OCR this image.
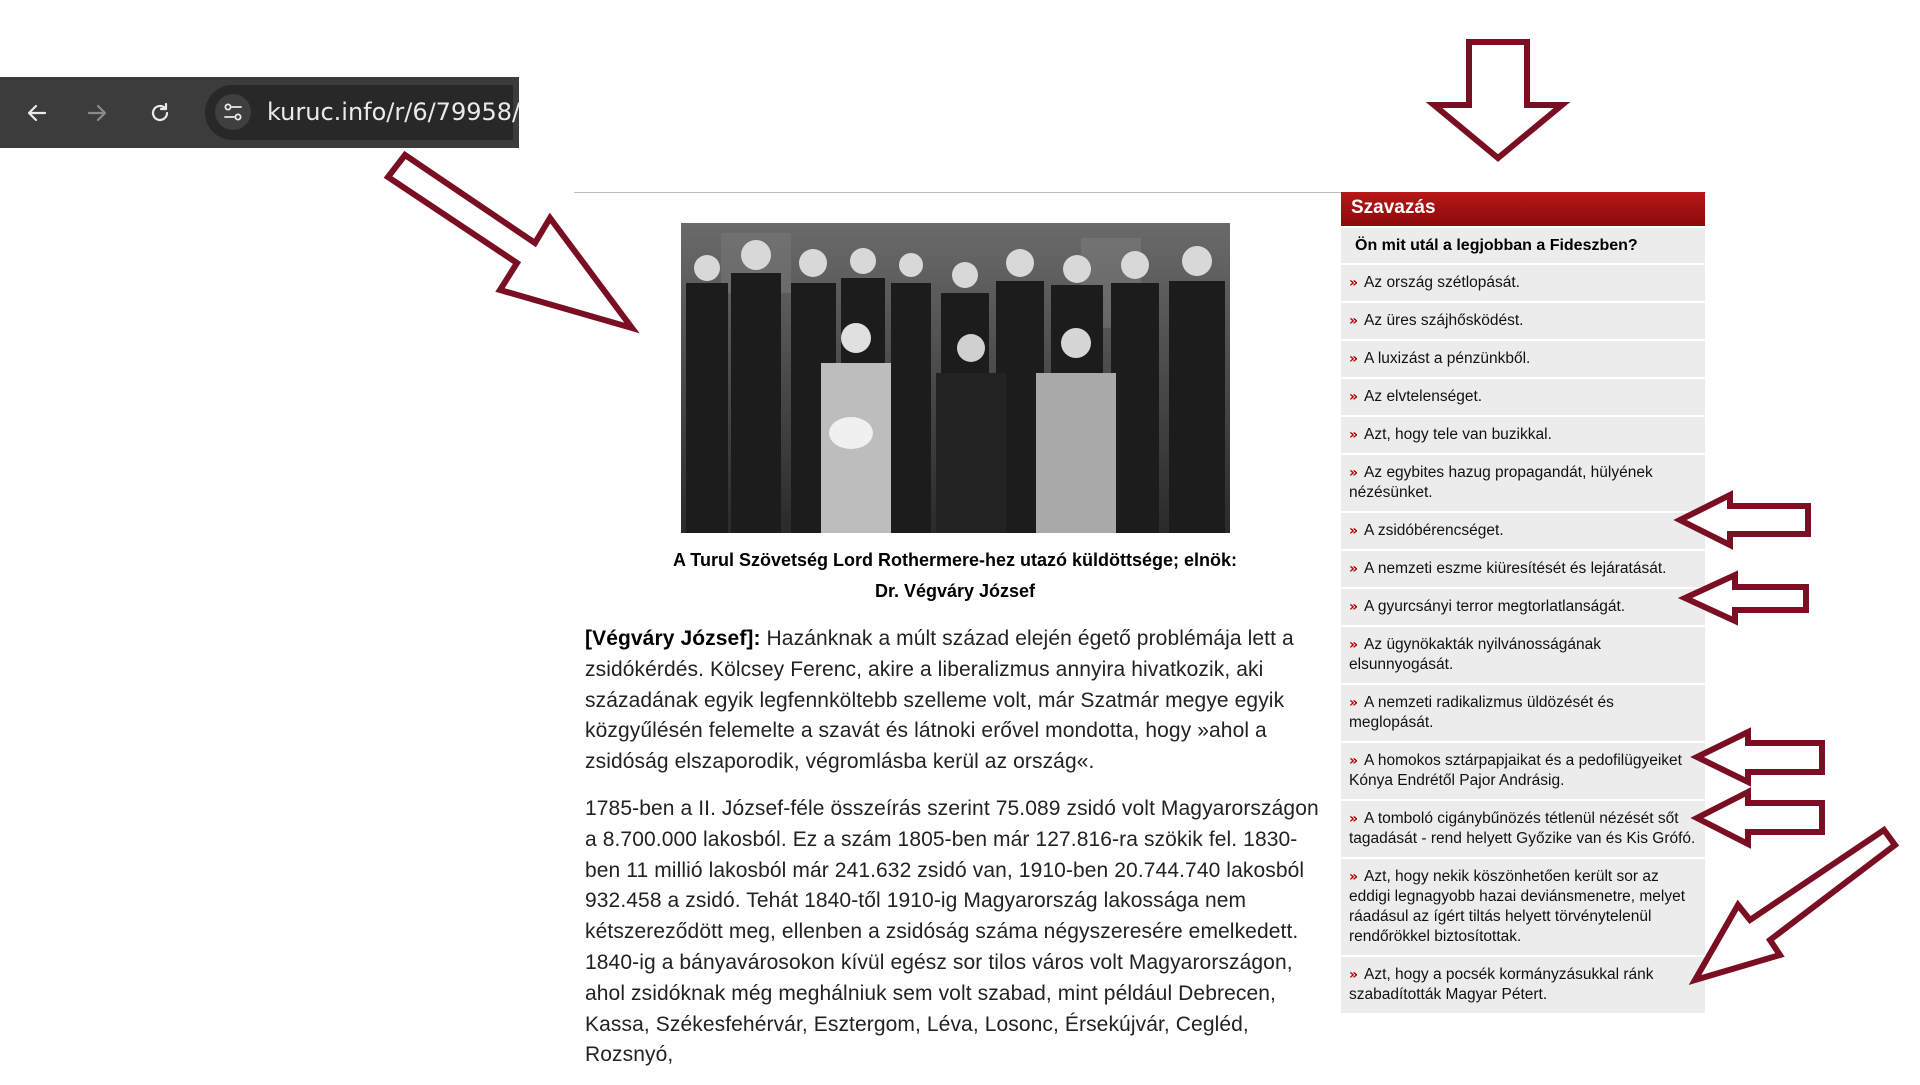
kuruc.info/r/6/79958/
A Turul Szövetség Lord Rothermere-hez utazó küldöttsége; elnök: Dr. Végváry József

[Végváry József]: Hazánknak a múlt század elején égető problémája lett a zsidókérdés. Kölcsey Ferenc, akire a liberalizmus annyira hivatkozik, aki századának egyik legfennköltebb szelleme volt, már Szatmár megye egyik közgyűlésén felemelte a szavát és látnoki erővel mondotta, hogy »ahol a zsidóság elszaporodik, végromlásba kerül az ország«.

1785-ben a II. József-féle összeírás szerint 75.089 zsidó volt Magyarországon a 8.700.000 lakosból. Ez a szám 1805-ben már 127.816-ra szökik fel. 1830-ben 11 millió lakosból már 241.632 zsidó van, 1910-ben 20.744.740 lakosból 932.458 a zsidó. Tehát 1840-től 1910-ig Magyarország lakossága nem kétszereződött meg, ellenben a zsidóság száma négyszeresére emelkedett. 1840-ig a bányavárosokon kívül egész sor tilos város volt Magyarországon, ahol zsidóknak még meghálniuk sem volt szabad, mint például Debrecen, Kassa, Székesfehérvár, Esztergom, Léva, Losonc, Érsekújvár, Cegléd, Rozsnyó,

Szavazás
Ön mit utál a legjobban a Fideszben?
» Az ország szétlopását.
» Az üres szájhősködést.
» A luxizást a pénzünkből.
» Az elvtelenséget.
» Azt, hogy tele van buzikkal.
» Az egybites hazug propagandát, hülyének nézésünket.
» A zsidóbérencséget.
» A nemzeti eszme kiüresítését és lejáratását.
» A gyurcsányi terror megtorlatlanságát.
» Az ügynökakták nyilvánosságának elsunnyogását.
» A nemzeti radikalizmus üldözését és meglopását.
» A homokos sztárpapjaikat és a pedofilügyeiket Kónya Endrétől Pajor Andrásig.
» A tomboló cigánybűnözés tétlenül nézését sőt tagadását - rend helyett Győzike van és Kis Grófó.
» Azt, hogy nekik köszönhetően került sor az eddigi legnagyobb hazai deviánsmenetre, melyet ráadásul az ígért tiltás helyett törvénytelenül rendőrökkel biztosítottak.
» Azt, hogy a pocsék kormányzásukkal ránk szabadították Magyar Pétert.
